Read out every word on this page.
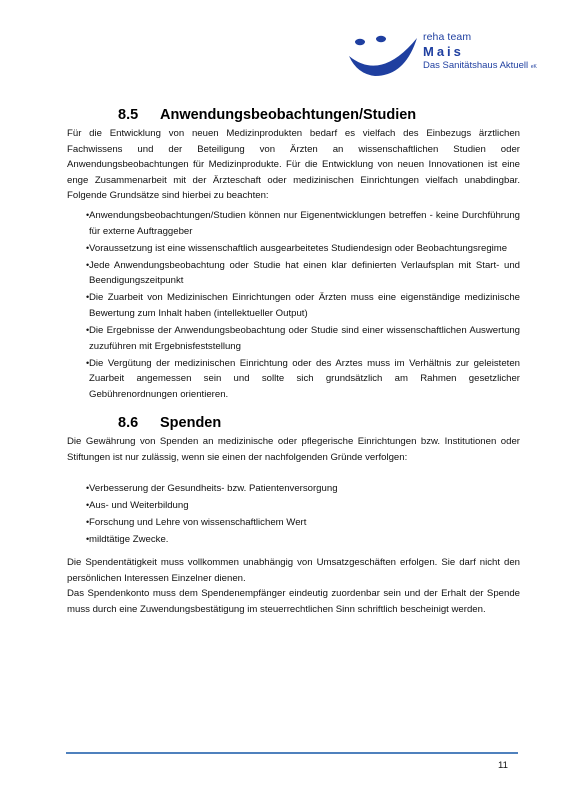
reha team
Mais
Das Sanitätshaus Aktuell eK
8.5 Anwendungsbeobachtungen/Studien

Für die Entwicklung von neuen Medizinprodukten bedarf es vielfach des Einbezugs ärztlichen Fachwissens und der Beteiligung von Ärzten an wissenschaftlichen Studien oder Anwendungsbeobachtungen für Medizinprodukte. Für die Entwicklung von neuen Innovationen ist eine enge Zusammenarbeit mit der Ärzteschaft oder medizinischen Einrichtungen vielfach unabdingbar. Folgende Grundsätze sind hierbei zu beachten:

• Anwendungsbeobachtungen/Studien können nur Eigenentwicklungen betreffen - keine Durchführung für externe Auftraggeber
• Voraussetzung ist eine wissenschaftlich ausgearbeitetes Studiendesign oder Beobachtungsregime
• Jede Anwendungsbeobachtung oder Studie hat einen klar definierten Verlaufsplan mit Start- und Beendigungszeitpunkt
• Die Zuarbeit von Medizinischen Einrichtungen oder Ärzten muss eine eigenständige medizinische Bewertung zum Inhalt haben (intellektueller Output)
• Die Ergebnisse der Anwendungsbeobachtung oder Studie sind einer wissenschaftlichen Auswertung zuzuführen mit Ergebnisfeststellung
• Die Vergütung der medizinischen Einrichtung oder des Arztes muss im Verhältnis zur geleisteten Zuarbeit angemessen sein und sollte sich grundsätzlich am Rahmen gesetzlicher Gebührenordnungen orientieren.
8.6 Spenden

Die Gewährung von Spenden an medizinische oder pflegerische Einrichtungen bzw. Institutionen oder Stiftungen ist nur zulässig, wenn sie einen der nachfolgenden Gründe verfolgen:

• Verbesserung der Gesundheits- bzw. Patientenversorgung
• Aus- und Weiterbildung
• Forschung und Lehre von wissenschaftlichem Wert
• mildtätige Zwecke.

Die Spendentätigkeit muss vollkommen unabhängig von Umsatzgeschäften erfolgen. Sie darf nicht den persönlichen Interessen Einzelner dienen.

Das Spendenkonto muss dem Spendenempfänger eindeutig zuordenbar sein und der Erhalt der Spende muss durch eine Zuwendungsbestätigung im steuerrechtlichen Sinn schriftlich bescheinigt werden.

11
